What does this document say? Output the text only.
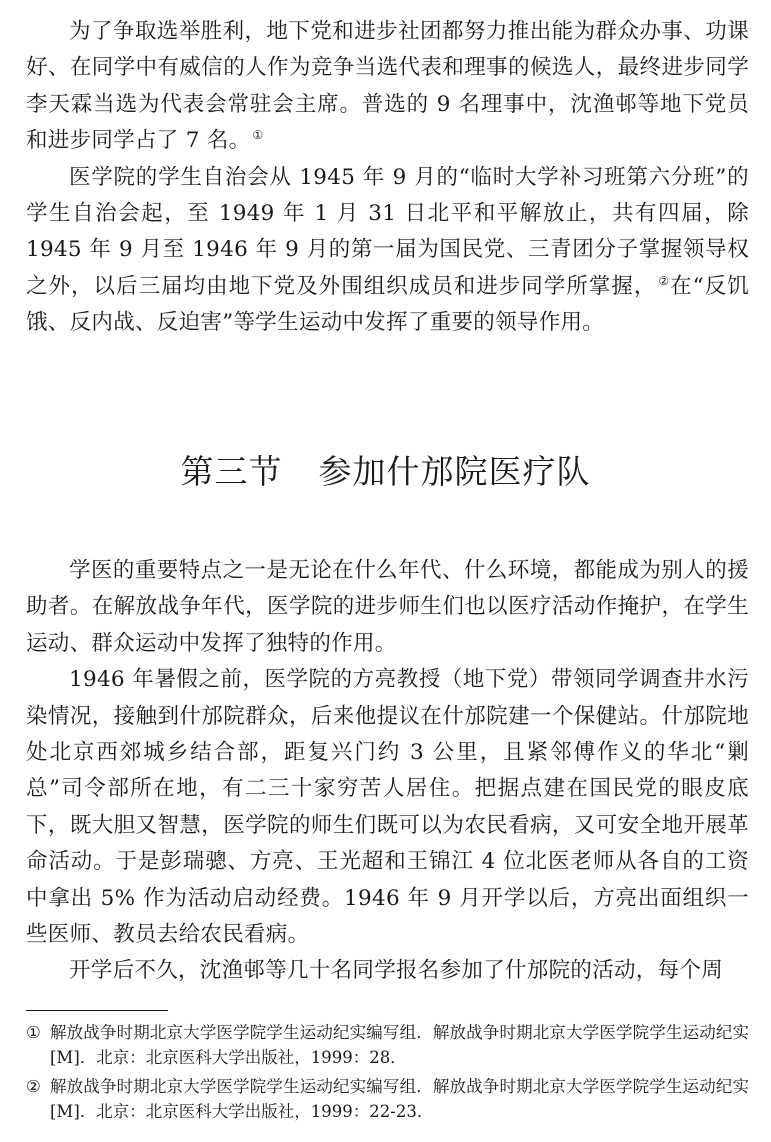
为了争取选举胜利，地下党和进步社团都努力推出能为群众办事、功课好、在同学中有威信的人作为竞争当选代表和理事的候选人，最终进步同学李天霖当选为代表会常驻会主席。普选的 9 名理事中，沈渔邨等地下党员和进步同学占了 7 名。 ①

医学院的学生自治会从 1945 年 9 月的“临时大学补习班第六分班”的学生自治会起，至 1949 年 1 月 31 日北平和平解放止，共有四届，除 1945 年 9 月至 1946 年 9 月的第一届为国民党、三青团分子掌握领导权之外，以后三届均由地下党及外围组织成员和进步同学所掌握， ②在“反饥饿、反内战、反迫害”等学生运动中发挥了重要的领导作用。

第三节 参加什邡院医疗队

学医的重要特点之一是无论在什么年代、什么环境，都能成为别人的援助者。在解放战争年代，医学院的进步师生们也以医疗活动作掩护，在学生运动、群众运动中发挥了独特的作用。

1946 年暑假之前，医学院的方亮教授（地下党）带领同学调查井水污染情况，接触到什邡院群众，后来他提议在什邡院建一个保健站。什邡院地处北京西郊城乡结合部，距复兴门约 3 公里，且紧邻傅作义的华北“剿总”司令部所在地，有二三十家穷苦人居住。把据点建在国民党的眼皮底下，既大胆又智慧，医学院的师生们既可以为农民看病，又可安全地开展革命活动。于是彭瑞骢、方亮、王光超和王锦江 4 位北医老师从各自的工资中拿出 5% 作为活动启动经费。1946 年 9 月开学以后，方亮出面组织一些医师、教员去给农民看病。

开学后不久，沈渔邨等几十名同学报名参加了什邡院的活动，每个周

① 解放战争时期北京大学医学院学生运动纪实编写组．解放战争时期北京大学医学院学生运动纪实 [M]．北京：北京医科大学出版社，1999：28．
② 解放战争时期北京大学医学院学生运动纪实编写组．解放战争时期北京大学医学院学生运动纪实 [M]．北京：北京医科大学出版社，1999：22-23．
